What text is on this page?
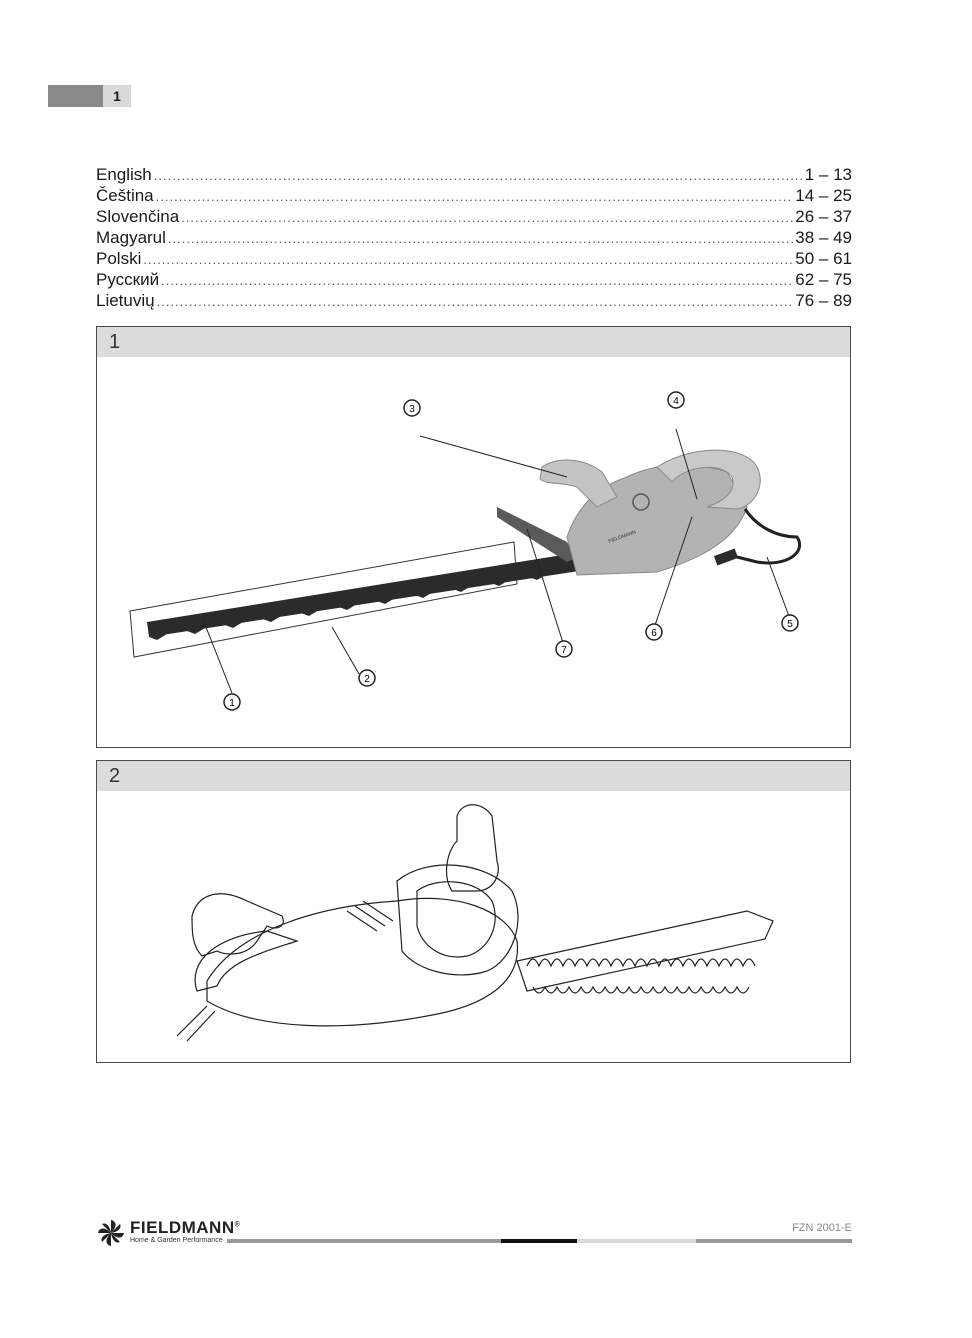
1
English .....	1 – 13
Čeština .....	14 – 25
Slovenčina .....	26 – 37
Magyarul .....	38 – 49
Polski .....	50 – 61
Русский .....	62 – 75
Lietuvių .....	76 – 89
1
FIELDMANN
1
2
3
4
5
6
7
2
FIELDMANN®
Home & Garden Performance
FZN 2001-E
